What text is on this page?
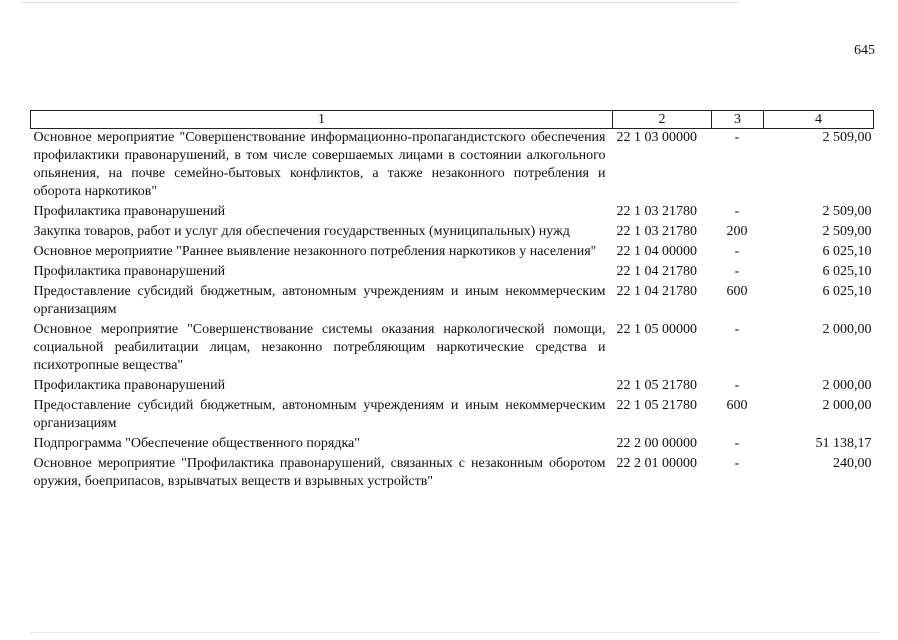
645
1	2	3	4
Основное мероприятие "Совершенствование информационно-пропагандистского обеспечения профилактики правонарушений, в том числе совершаемых лицами в состоянии алкогольного опьянения, на почве семейно-бытовых конфликтов, а также незаконного потребления и оборота наркотиков"	22 1 03 00000	-	2 509,00
Профилактика правонарушений	22 1 03 21780	-	2 509,00
Закупка товаров, работ и услуг для обеспечения государственных (муниципальных) нужд	22 1 03 21780	200	2 509,00
Основное мероприятие "Раннее выявление незаконного потребления наркотиков у населения"	22 1 04 00000	-	6 025,10
Профилактика правонарушений	22 1 04 21780	-	6 025,10
Предоставление субсидий бюджетным, автономным учреждениям и иным некоммерческим организациям	22 1 04 21780	600	6 025,10
Основное мероприятие "Совершенствование системы оказания наркологической помощи, социальной реабилитации лицам, незаконно потребляющим наркотические средства и психотропные вещества"	22 1 05 00000	-	2 000,00
Профилактика правонарушений	22 1 05 21780	-	2 000,00
Предоставление субсидий бюджетным, автономным учреждениям и иным некоммерческим организациям	22 1 05 21780	600	2 000,00
Подпрограмма "Обеспечение общественного порядка"	22 2 00 00000	-	51 138,17
Основное мероприятие "Профилактика правонарушений, связанных с незаконным оборотом оружия, боеприпасов, взрывчатых веществ и взрывных устройств"	22 2 01 00000	-	240,00
